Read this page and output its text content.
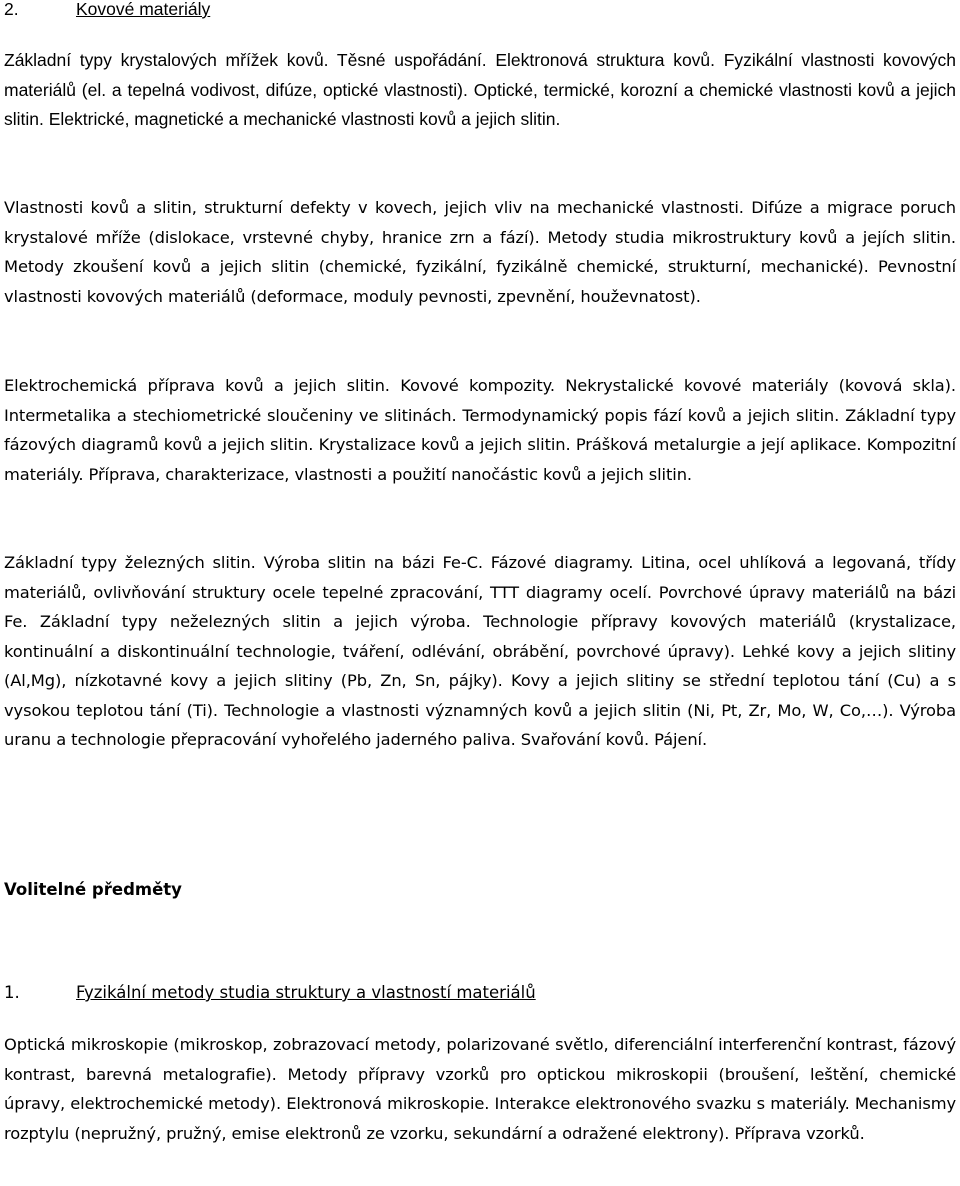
2.	Kovové materiály

Základní typy krystalových mřížek kovů. Těsné uspořádání. Elektronová struktura kovů. Fyzikální vlastnosti kovových materiálů (el. a tepelná vodivost, difúze, optické vlastnosti). Optické, termické, korozní a chemické vlastnosti kovů a jejich slitin. Elektrické, magnetické a mechanické vlastnosti kovů a jejich slitin.

Vlastnosti kovů a slitin, strukturní defekty v kovech, jejich vliv na mechanické vlastnosti. Difúze a migrace poruch krystalové mříže (dislokace, vrstevné chyby, hranice zrn a fází). Metody studia mikrostruktury kovů a jejích slitin. Metody zkoušení kovů a jejich slitin (chemické, fyzikální, fyzikálně chemické, strukturní, mechanické). Pevnostní vlastnosti kovových materiálů (deformace, moduly pevnosti, zpevnění, houževnatost).

Elektrochemická příprava kovů a jejich slitin. Kovové kompozity. Nekrystalické kovové materiály (kovová skla). Intermetalika a stechiometrické sloučeniny ve slitinách. Termodynamický popis fází kovů a jejich slitin. Základní typy fázových diagramů kovů a jejich slitin. Krystalizace kovů a jejich slitin. Prášková metalurgie a její aplikace. Kompozitní materiály. Příprava, charakterizace, vlastnosti a použití nanočástic kovů a jejich slitin.

Základní typy železných slitin. Výroba slitin na bázi Fe-C. Fázové diagramy. Litina, ocel uhlíková a legovaná, třídy materiálů, ovlivňování struktury ocele tepelné zpracování, TTT diagramy ocelí. Povrchové úpravy materiálů na bázi Fe. Základní typy neželezných slitin a jejich výroba. Technologie přípravy kovových materiálů (krystalizace, kontinuální a diskontinuální technologie, tváření, odlévání, obrábění, povrchové úpravy). Lehké kovy a jejich slitiny (Al,Mg), nízkotavné kovy a jejich slitiny (Pb, Zn, Sn, pájky). Kovy a jejich slitiny se střední teplotou tání (Cu) a s vysokou teplotou tání (Ti). Technologie a vlastnosti významných kovů a jejich slitin (Ni, Pt, Zr, Mo, W, Co,…). Výroba uranu a technologie přepracování vyhořelého jaderného paliva. Svařování kovů. Pájení.

Volitelné předměty
1.	Fyzikální metody studia struktury a vlastností materiálů

Optická mikroskopie (mikroskop, zobrazovací metody, polarizované světlo, diferenciální interferenční kontrast, fázový kontrast, barevná metalografie). Metody přípravy vzorků pro optickou mikroskopii (broušení, leštění, chemické úpravy, elektrochemické metody). Elektronová mikroskopie. Interakce elektronového svazku s materiály. Mechanismy rozptylu (nepružný, pružný, emise elektronů ze vzorku, sekundární a odražené elektrony). Příprava vzorků.
